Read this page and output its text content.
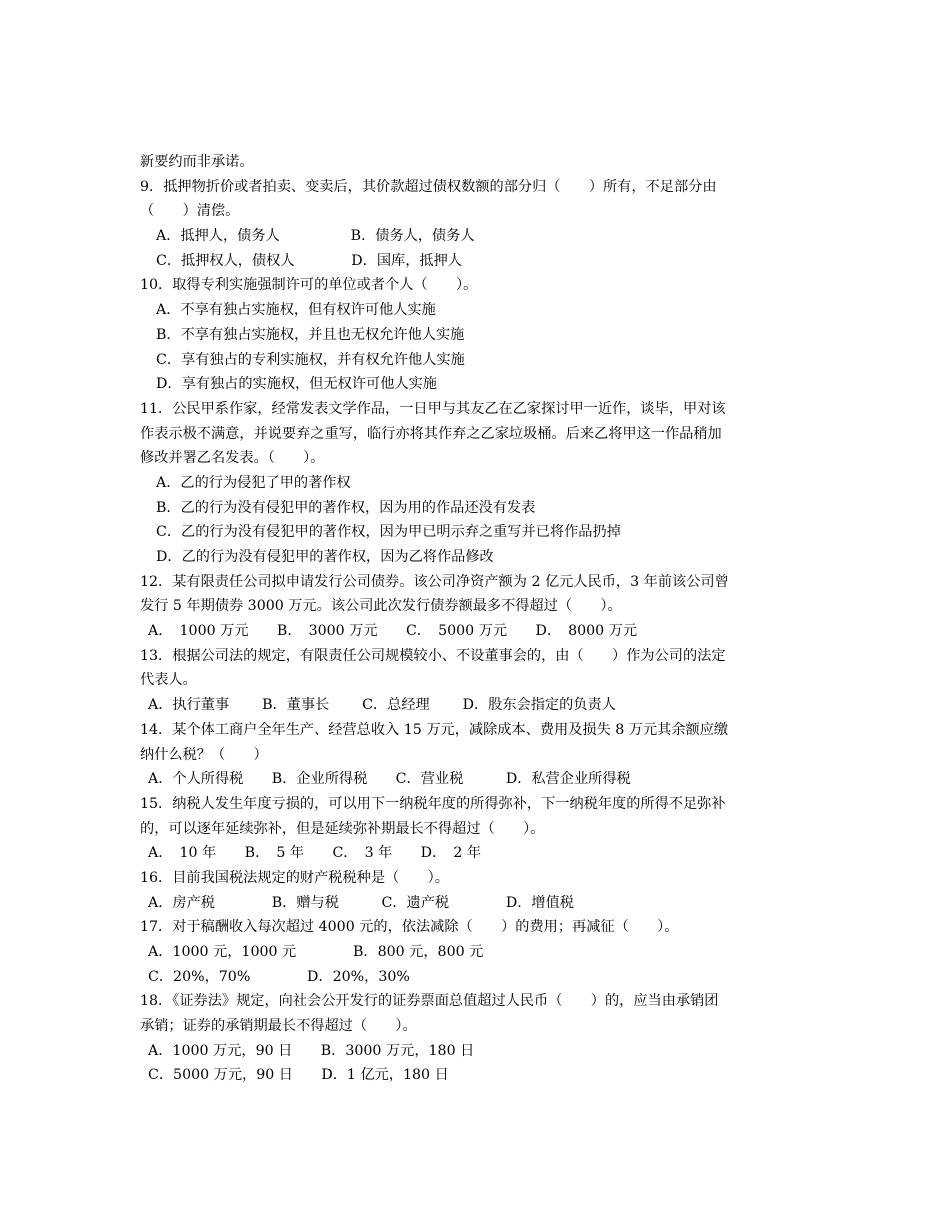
新要约而非承诺。
9．抵押物折价或者拍卖、变卖后，其价款超过债权数额的部分归（　　）所有，不足部分由
（　　）清偿。
A．抵押人，债务人　　　　　B．债务人，债务人
C．抵押权人，债权人　　　　D．国库，抵押人
10．取得专利实施强制许可的单位或者个人（　　）。
A．不享有独占实施权，但有权许可他人实施
B．不享有独占实施权，并且也无权允许他人实施
C．享有独占的专利实施权，并有权允许他人实施
D．享有独占的实施权，但无权许可他人实施
11．公民甲系作家，经常发表文学作品，一日甲与其友乙在乙家探讨甲一近作，谈毕，甲对该
作表示极不满意，并说要弃之重写，临行亦将其作弃之乙家垃圾桶。后来乙将甲这一作品稍加
修改并署乙名发表。（　　）。
A．乙的行为侵犯了甲的著作权
B．乙的行为没有侵犯甲的著作权，因为用的作品还没有发表
C．乙的行为没有侵犯甲的著作权，因为甲已明示弃之重写并已将作品扔掉
D．乙的行为没有侵犯甲的著作权，因为乙将作品修改
12．某有限责任公司拟申请发行公司债券。该公司净资产额为 2 亿元人民币，3 年前该公司曾
发行 5 年期债券 3000 万元。该公司此次发行债券额最多不得超过（　　）。
A．　1000 万元　　B．　3000 万元　　C．　5000 万元　　D．　8000 万元
13．根据公司法的规定，有限责任公司规模较小、不设董事会的，由（　　）作为公司的法定
代表人。
A．执行董事　　 B．董事长　　 C．总经理　　 D．股东会指定的负责人
14．某个体工商户全年生产、经营总收入 15 万元，减除成本、费用及损失 8 万元其余额应缴
纳什么税？（　　）
A．个人所得税　　B．企业所得税　　C．营业税　　　D．私营企业所得税
15．纳税人发生年度亏损的，可以用下一纳税年度的所得弥补，下一纳税年度的所得不足弥补
的，可以逐年延续弥补，但是延续弥补期最长不得超过（　　）。
A．　10 年　　B．　5 年　　C．　3 年　　D．　2 年
16．目前我国税法规定的财产税税种是（　　）。
A．房产税　　　　B．赠与税　　　C．遗产税　　　　D．增值税
17．对于稿酬收入每次超过 4000 元的，依法减除（　　）的费用；再减征（　　）。
A．1000 元，1000 元　　　　B．800 元，800 元
C．20%，70%　　　　D．20%，30%
18．《证券法》规定，向社会公开发行的证券票面总值超过人民币（　　）的，应当由承销团
承销；证券的承销期最长不得超过（　　）。
A．1000 万元，90 日　　B．3000 万元，180 日
C．5000 万元，90 日　　D．1 亿元，180 日
